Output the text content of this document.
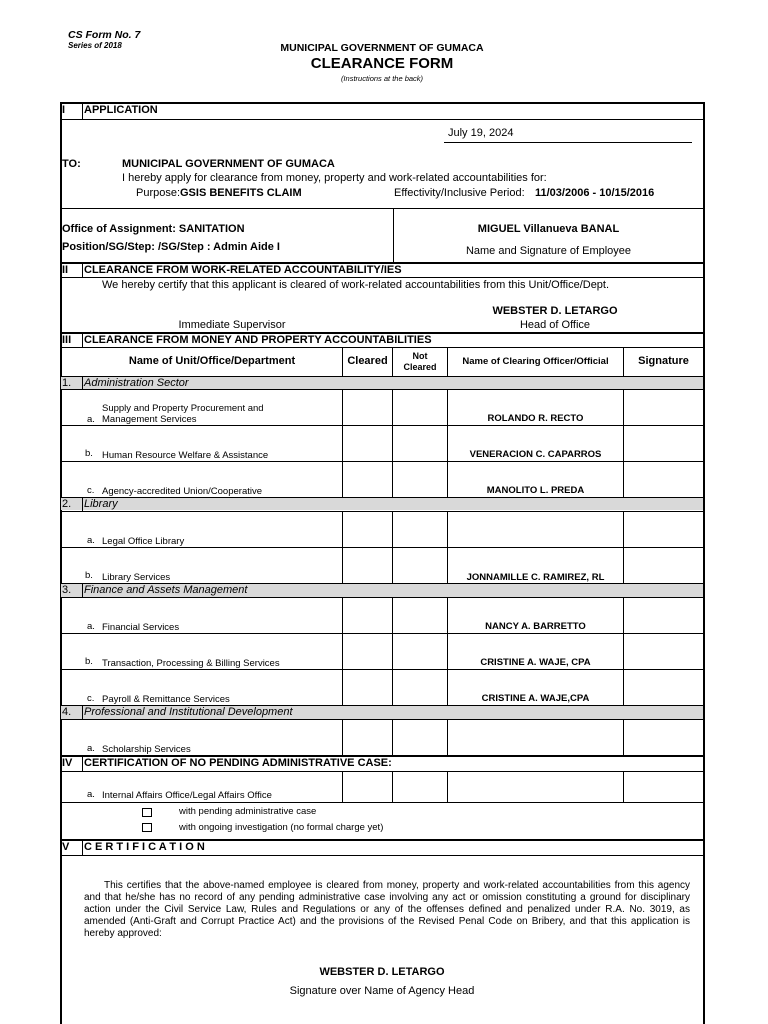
CS Form No. 7
Series of 2018	MUNICIPAL GOVERNMENT OF GUMACA
CLEARANCE FORM
(Instructions at the back)
I APPLICATION
July 19, 2024
TO:	MUNICIPAL GOVERNMENT OF GUMACA
I hereby apply for clearance from money, property and work-related accountabilities for:
Purpose: GSIS BENEFITS CLAIM	Effectivity/Inclusive Period: 11/03/2006 - 10/15/2016
Office of Assignment: SANITATION
Position/SG/Step: /SG/Step : Admin Aide I
MIGUEL Villanueva BANAL
Name and Signature of Employee
II CLEARANCE FROM WORK-RELATED ACCOUNTABILITY/IES
We hereby certify that this applicant is cleared of work-related accountabilities from this Unit/Office/Dept.
Immediate Supervisor
WEBSTER D. LETARGO
Head of Office
III CLEARANCE FROM MONEY AND PROPERTY ACCOUNTABILITIES
Name of Unit/Office/Department	Cleared	Not
Cleared	Name of Clearing Officer/Official	Signature
1. Administration Sector
Supply and Property Procurement and
a. Management Services	ROLANDO R. RECTO
b. Human Resource Welfare & Assistance	VENERACION C. CAPARROS
c. Agency-accredited Union/Cooperative	MANOLITO L. PREDA
2. Library
a. Legal Office Library
b. Library Services	JONNAMILLE C. RAMIREZ, RL
3. Finance and Assets Management
a. Financial Services	NANCY A. BARRETTO
b. Transaction, Processing & Billing Services	CRISTINE A. WAJE, CPA
c. Payroll & Remittance Services	CRISTINE A. WAJE,CPA
4. Professional and Institutional Development
a. Scholarship Services
IV CERTIFICATION OF NO PENDING ADMINISTRATIVE CASE:
a. Internal Affairs Office/Legal Affairs Office
with pending administrative case
with ongoing investigation (no formal charge yet)
V C E R T I F I C A T I O N
This certifies that the above-named employee is cleared from money, property and work-related accountabilities from this agency and that he/she has no record of any pending administrative case involving any act or omission constituting a ground for disciplinary action under the Civil Service Law, Rules and Regulations or any of the offenses defined and penalized under R.A. No. 3019, as amended (Anti-Graft and Corrupt Practice Act) and the provisions of the Revised Penal Code on Bribery, and that this application is hereby approved:
WEBSTER D. LETARGO
Signature over Name of Agency Head
